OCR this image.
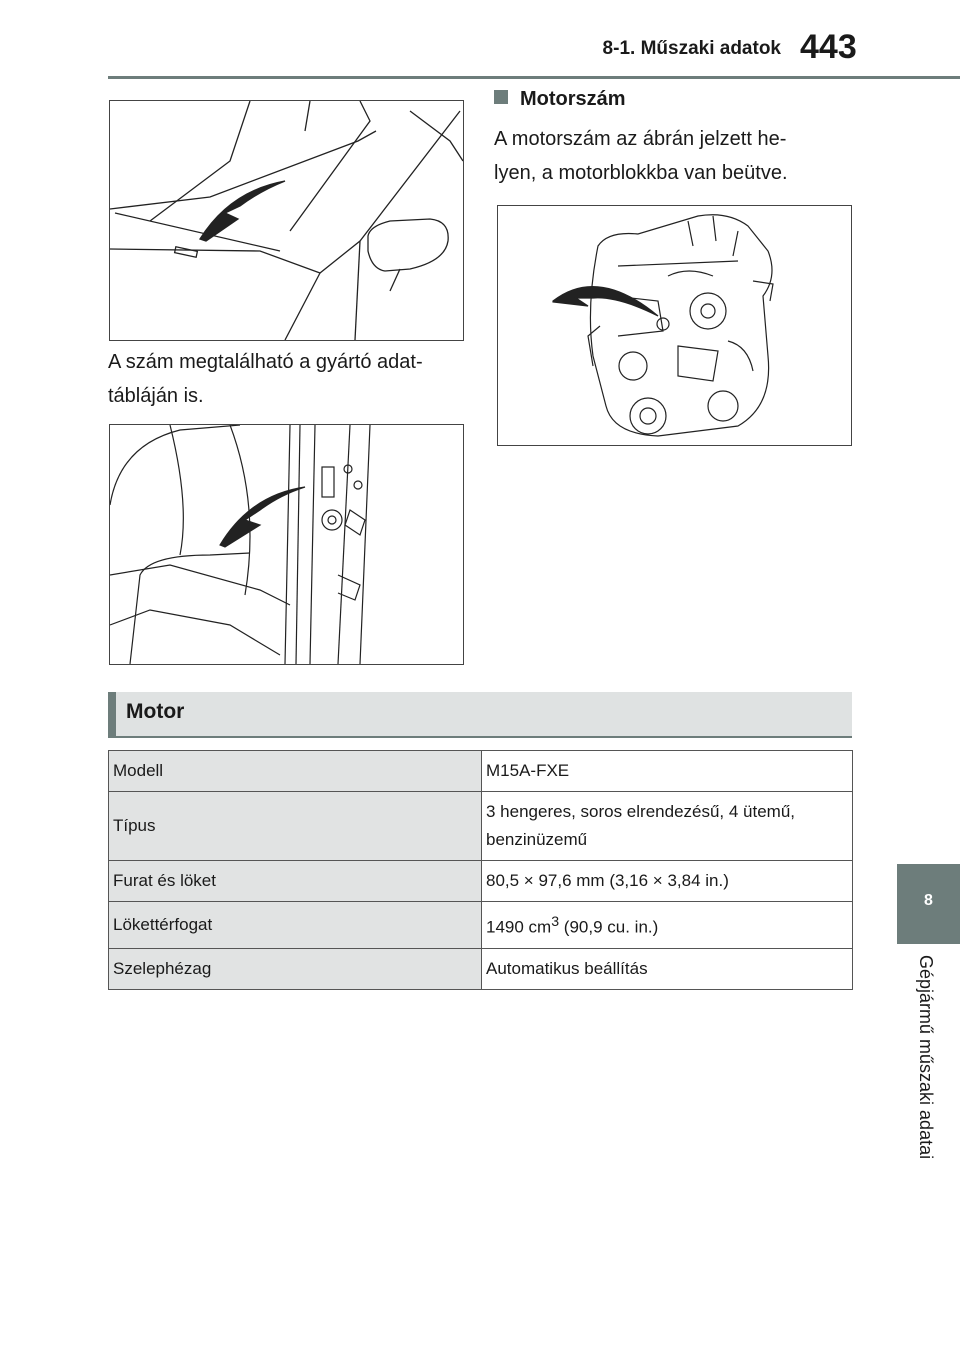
8-1. Műszaki adatok 443
8
Gépjármű műszaki adatai
A szám megtalálható a gyártó adat-
tábláján is.
Motorszám
A motorszám az ábrán jelzett he-
lyen, a motorblokkba van beütve.
Motor
Modell	M15A-FXE
Típus	3 hengeres, soros elrendezésű, 4 ütemű,
benzinüzemű

Furat és löket	80,5 × 97,6 mm (3,16 × 3,84 in.)
Lökettérfogat	1490 $cm^3$ (90,9 cu. in.)
Szelephézag	Automatikus beállítás
